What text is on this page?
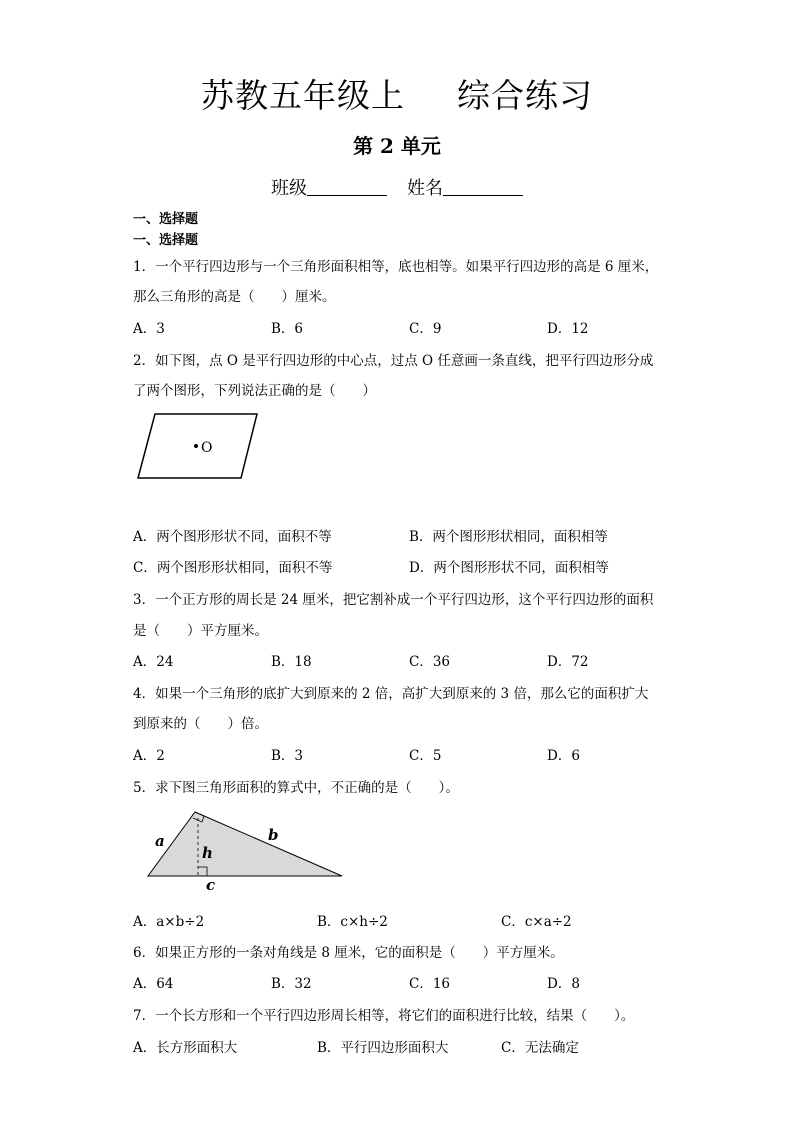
苏教五年级上 综合练习
第 2 单元
班级	姓名
一、选择题
一、选择题
1．一个平行四边形与一个三角形面积相等，底也相等。如果平行四边形的高是 6 厘米，
那么三角形的高是（　　）厘米。
A．3	B．6	C．9	D．12
2．如下图，点 O 是平行四边形的中心点，过点 O 任意画一条直线，把平行四边形分成
了两个图形，下列说法正确的是（　　）
O
A．两个图形形状不同，面积不等	B．两个图形形状相同，面积相等
C．两个图形形状相同，面积不等	D．两个图形形状不同，面积相等
3．一个正方形的周长是 24 厘米，把它割补成一个平行四边形，这个平行四边形的面积
是（　　）平方厘米。
A．24	B．18	C．36	D．72
4．如果一个三角形的底扩大到原来的 2 倍，高扩大到原来的 3 倍，那么它的面积扩大
到原来的（　　）倍。
A．2	B．3	C．5	D．6
5．求下图三角形面积的算式中，不正确的是（　　）。
a	b
h
c
A．a×b÷2	B．c×h÷2	C．c×a÷2
6．如果正方形的一条对角线是 8 厘米，它的面积是（　　）平方厘米。
A．64	B．32	C．16	D．8
7．一个长方形和一个平行四边形周长相等，将它们的面积进行比较，结果（　　）。
A．长方形面积大	B．平行四边形面积大	C．无法确定
